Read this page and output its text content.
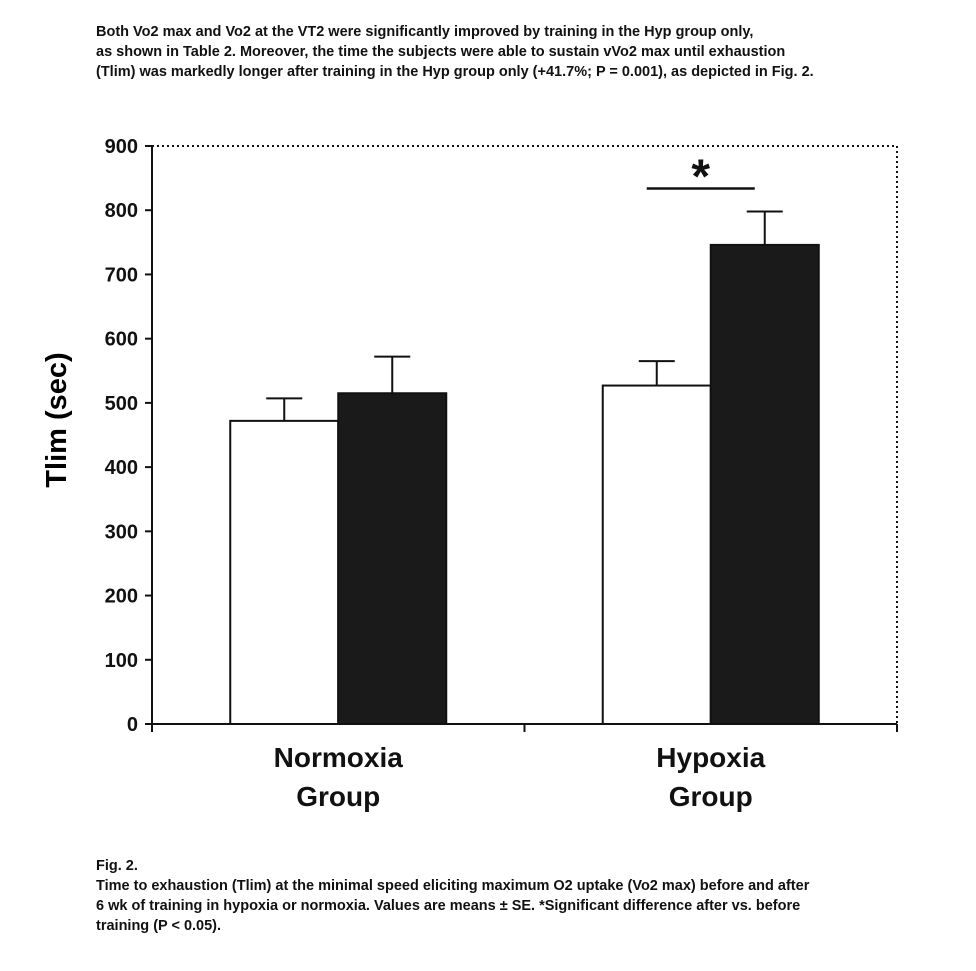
Both Vo2 max and Vo2 at the VT2 were significantly improved by training in the Hyp group only,
as shown in Table 2. Moreover, the time the subjects were able to sustain vVo2 max until exhaustion
(Tlim) was markedly longer after training in the Hyp group only (+41.7%; P = 0.001), as depicted in Fig. 2.
0
100
200
300
400
500
600
700
800
900
Normoxia
Group
Hypoxia
Group
*
Tlim (sec)
Fig. 2.
Time to exhaustion (Tlim) at the minimal speed eliciting maximum O2 uptake (Vo2 max) before and after
6 wk of training in hypoxia or normoxia. Values are means ± SE. *Significant difference after vs. before
training (P < 0.05).
